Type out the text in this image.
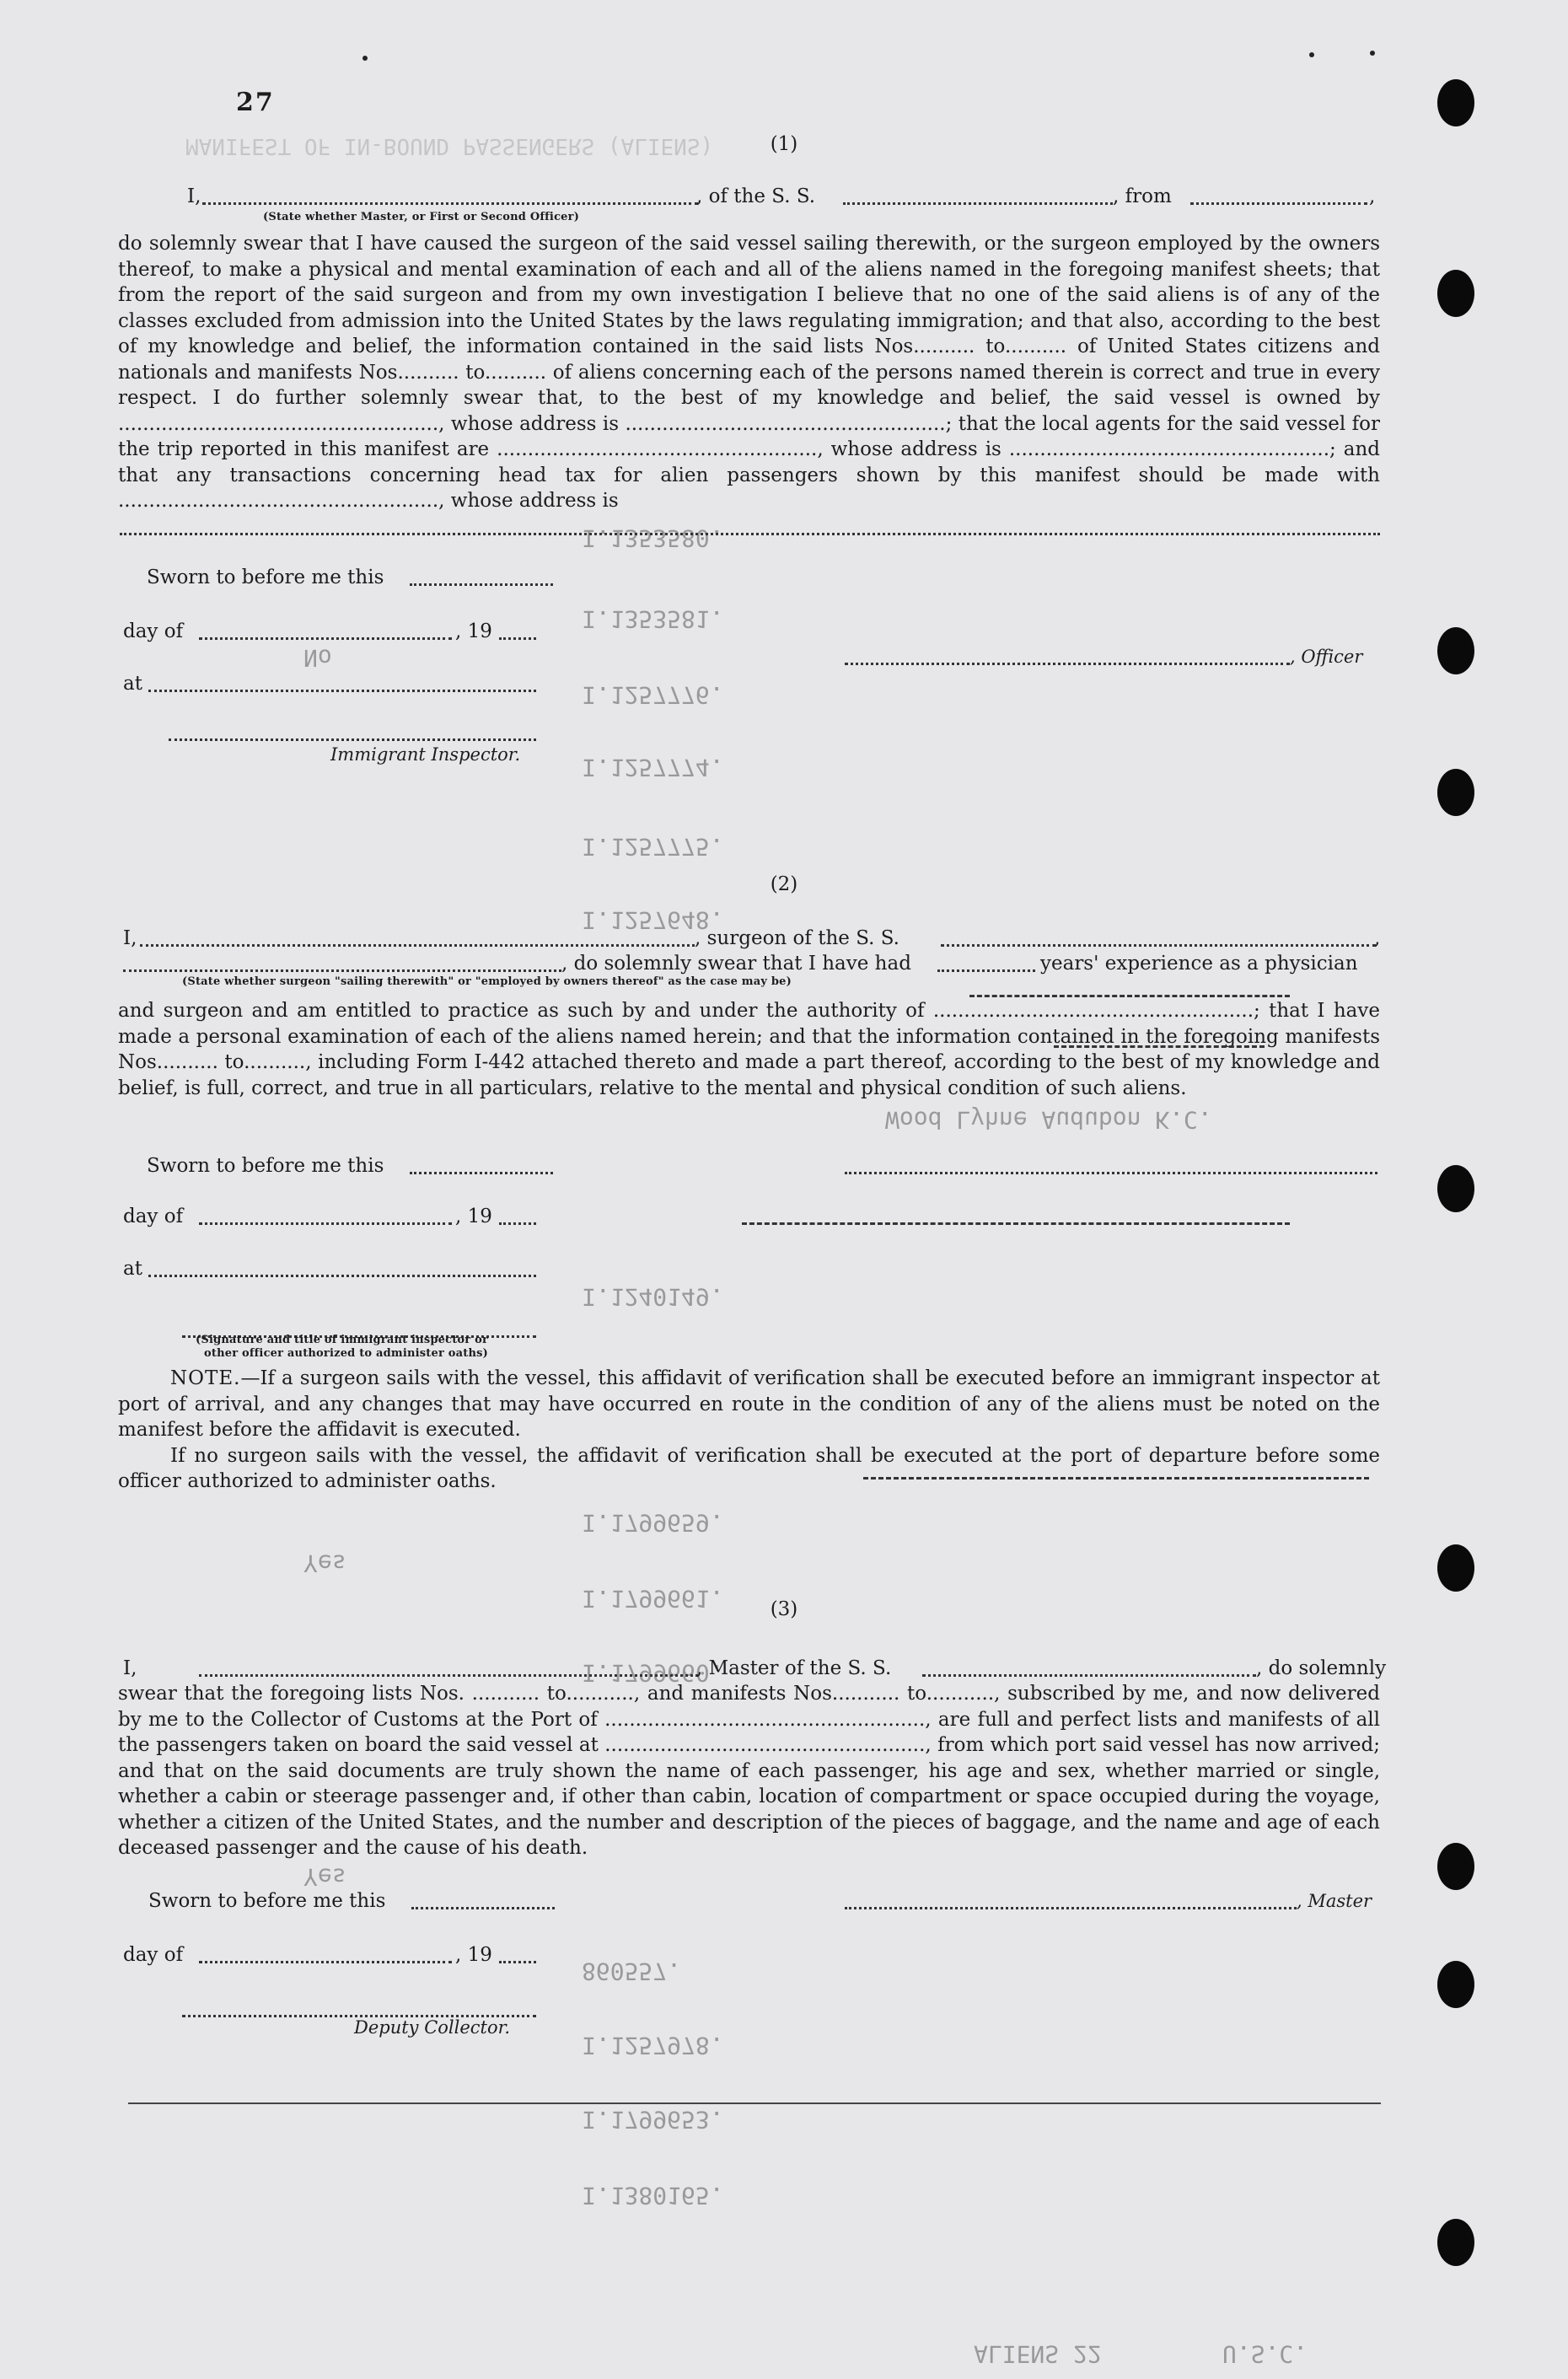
27
MANIFEST OF IN-BOUND PASSENGERS (ALIENS)
I.1353580.
I.1353581.
I.1257776.
I.1257774.
I.1257775.
I.1257648.
Wood Lyhne Audubon K.C.
I.1240149.
I.1799659.
I.1799661.
I.1799660.
860557.
I.1257978.
I.1799653.
I.1380165.
Yes
Yes
No
ALIENS 22	U.S.C.
(1)
I,	, of the S. S.	, from	,
(State whether Master, or First or Second Officer)

do solemnly swear that I have caused the surgeon of the said vessel sailing therewith, or the surgeon employed by the owners thereof, to make a physical and mental examination of each and all of the aliens named in the foregoing manifest sheets; that from the report of the said surgeon and from my own investigation I believe that no one of the said aliens is of any of the classes excluded from admission into the United States by the laws regulating immigration; and that also, according to the best of my knowledge and belief, the information contained in the said lists Nos.......... to.......... of United States citizens and nationals and manifests Nos.......... to.......... of aliens concerning each of the persons named therein is correct and true in every respect. I do further solemnly swear that, to the best of my knowledge and belief, the said vessel is owned by ...................................................., whose address is ....................................................; that the local agents for the said vessel for the trip reported in this manifest are ...................................................., whose address is ....................................................; and that any transactions concerning head tax for alien passengers shown by this manifest should be made with ...................................................., whose address is

Sworn to before me this
day of	, 19
, Officer
at
Immigrant Inspector.
(2)
I,	, surgeon of the S. S.	,
, do solemnly swear that I have had	years' experience as a physician
(State whether surgeon "sailing therewith" or "employed by owners thereof" as the case may be)

and surgeon and am entitled to practice as such by and under the authority of ....................................................; that I have made a personal examination of each of the aliens named herein; and that the information contained in the foregoing manifests Nos.......... to.........., including Form I-442 attached thereto and made a part thereof, according to the best of my knowledge and belief, is full, correct, and true in all particulars, relative to the mental and physical condition of such aliens.

Sworn to before me this
day of	, 19
at
(Signature and title of immigrant inspector or
other officer authorized to administer oaths)

NOTE.—If a surgeon sails with the vessel, this affidavit of verification shall be executed before an immigrant inspector at port of arrival, and any changes that may have occurred en route in the condition of any of the aliens must be noted on the manifest before the affidavit is executed.

If no surgeon sails with the vessel, the affidavit of verification shall be executed at the port of departure before some officer authorized to administer oaths.

(3)
I,	, Master of the S. S.	, do solemnly

swear that the foregoing lists Nos. ........... to..........., and manifests Nos........... to..........., subscribed by me, and now delivered by me to the Collector of Customs at the Port of ...................................................., are full and perfect lists and manifests of all the passengers taken on board the said vessel at ...................................................., from which port said vessel has now arrived; and that on the said documents are truly shown the name of each passenger, his age and sex, whether married or single, whether a cabin or steerage passenger and, if other than cabin, location of compartment or space occupied during the voyage, whether a citizen of the United States, and the number and description of the pieces of baggage, and the name and age of each deceased passenger and the cause of his death.

Sworn to before me this	, Master
day of	, 19
Deputy Collector.
